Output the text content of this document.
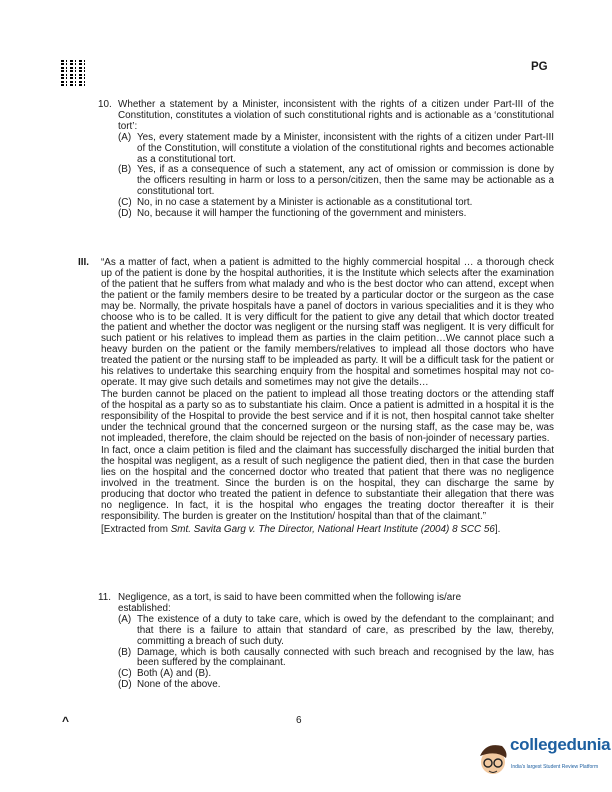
PG
10. Whether a statement by a Minister, inconsistent with the rights of a citizen under Part-III of the Constitution, constitutes a violation of such constitutional rights and is actionable as a ‘constitutional tort’:
(A) Yes, every statement made by a Minister, inconsistent with the rights of a citizen under Part-III of the Constitution, will constitute a violation of the constitutional rights and becomes actionable as a constitutional tort.
(B) Yes, if as a consequence of such a statement, any act of omission or commission is done by the officers resulting in harm or loss to a person/citizen, then the same may be actionable as a constitutional tort.
(C) No, in no case a statement by a Minister is actionable as a constitutional tort.
(D) No, because it will hamper the functioning of the government and ministers.
III. “As a matter of fact, when a patient is admitted to the highly commercial hospital … a thorough check up of the patient is done by the hospital authorities, it is the Institute which selects after the examination of the patient that he suffers from what malady and who is the best doctor who can attend, except when the patient or the family members desire to be treated by a particular doctor or the surgeon as the case may be. Normally, the private hospitals have a panel of doctors in various specialities and it is they who choose who is to be called. It is very difficult for the patient to give any detail that which doctor treated the patient and whether the doctor was negligent or the nursing staff was negligent. It is very difficult for such patient or his relatives to implead them as parties in the claim petition…We cannot place such a heavy burden on the patient or the family members/relatives to implead all those doctors who have treated the patient or the nursing staff to be impleaded as party. It will be a difficult task for the patient or his relatives to undertake this searching enquiry from the hospital and sometimes hospital may not co-operate. It may give such details and sometimes may not give the details…

The burden cannot be placed on the patient to implead all those treating doctors or the attending staff of the hospital as a party so as to substantiate his claim. Once a patient is admitted in a hospital it is the responsibility of the Hospital to provide the best service and if it is not, then hospital cannot take shelter under the technical ground that the concerned surgeon or the nursing staff, as the case may be, was not impleaded, therefore, the claim should be rejected on the basis of non-joinder of necessary parties.

In fact, once a claim petition is filed and the claimant has successfully discharged the initial burden that the hospital was negligent, as a result of such negligence the patient died, then in that case the burden lies on the hospital and the concerned doctor who treated that patient that there was no negligence involved in the treatment. Since the burden is on the hospital, they can discharge the same by producing that doctor who treated the patient in defence to substantiate their allegation that there was no negligence. In fact, it is the hospital who engages the treating doctor thereafter it is their responsibility. The burden is greater on the Institution/ hospital than that of the claimant.”

[Extracted from Smt. Savita Garg v. The Director, National Heart Institute (2004) 8 SCC 56].

11. Negligence, as a tort, is said to have been committed when the following is/are established:
(A) The existence of a duty to take care, which is owed by the defendant to the complainant; and that there is a failure to attain that standard of care, as prescribed by the law, thereby, committing a breach of such duty.
(B) Damage, which is both causally connected with such breach and recognised by the law, has been suffered by the complainant.
(C) Both (A) and (B).
(D) None of the above.
^	6
collegedunia
India's largest Student Review Platform
